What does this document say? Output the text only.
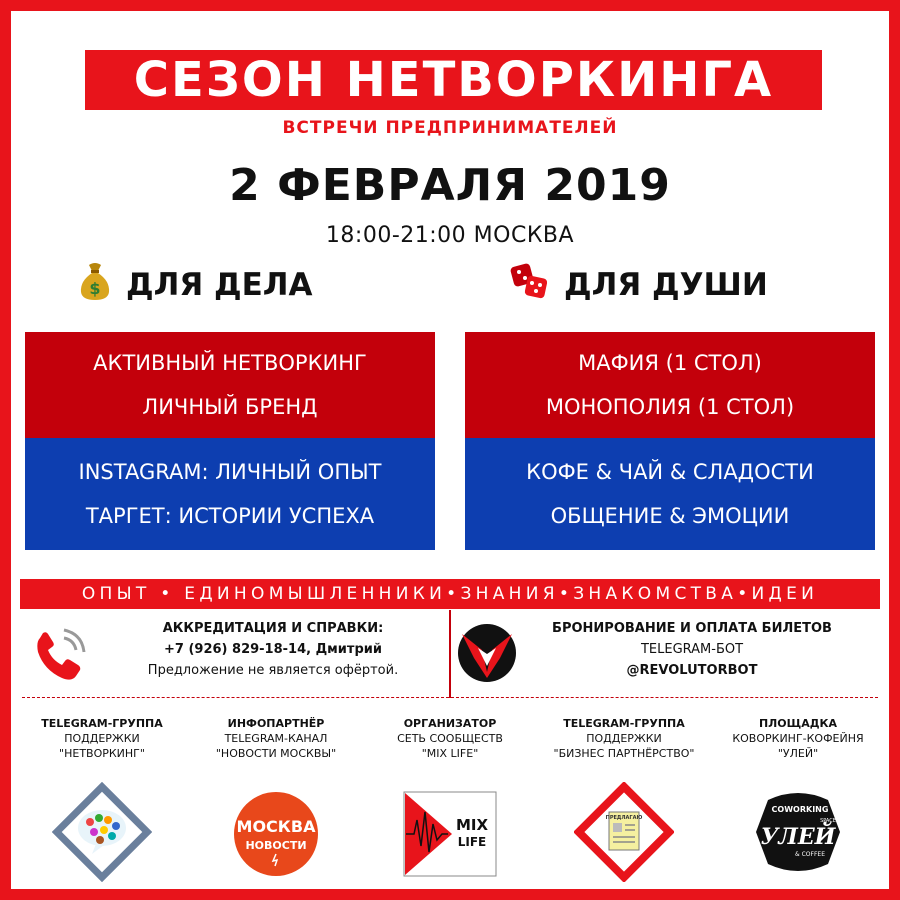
СЕЗОН НЕТВОРКИНГА
ВСТРЕЧИ ПРЕДПРИНИМАТЕЛЕЙ
2 ФЕВРАЛЯ 2019
18:00-21:00 МОСКВА
$ ДЛЯ ДЕЛА	ДЛЯ ДУШИ
АКТИВНЫЙ НЕТВОРКИНГ
ЛИЧНЫЙ БРЕНД
INSTAGRAM: ЛИЧНЫЙ ОПЫТ
ТАРГЕТ: ИСТОРИИ УСПЕХА
МАФИЯ (1 СТОЛ)
МОНОПОЛИЯ (1 СТОЛ)
КОФЕ & ЧАЙ & СЛАДОСТИ
ОБЩЕНИЕ & ЭМОЦИИ
ОПЫТ • ЕДИНОМЫШЛЕННИКИ•ЗНАНИЯ•ЗНАКОМСТВА•ИДЕИ
АККРЕДИТАЦИЯ И СПРАВКИ:
+7 (926) 829-18-14, Дмитрий
Предложение не является офёртой.
БРОНИРОВАНИЕ И ОПЛАТА БИЛЕТОВ
TELEGRAM-БОТ
@REVOLUTORBOT
TELEGRAM-ГРУППА
ПОДДЕРЖКИ
"НЕТВОРКИНГ"
ИНФОПАРТНЁР
TELEGRAM-КАНАЛ
"НОВОСТИ МОСКВЫ"
МОСКВА
НОВОСТИ
ОРГАНИЗАТОР
СЕТЬ СООБЩЕСТВ
"MIX LIFE"
MIX
LIFE
TELEGRAM-ГРУППА
ПОДДЕРЖКИ
"БИЗНЕС ПАРТНЁРСТВО"
ПРЕДЛАГАЮ
ПЛОЩАДКА
КОВОРКИНГ-КОФЕЙНЯ
"УЛЕЙ"
COWORKING
SPACE
УЛЕЙ
& COFFEE
